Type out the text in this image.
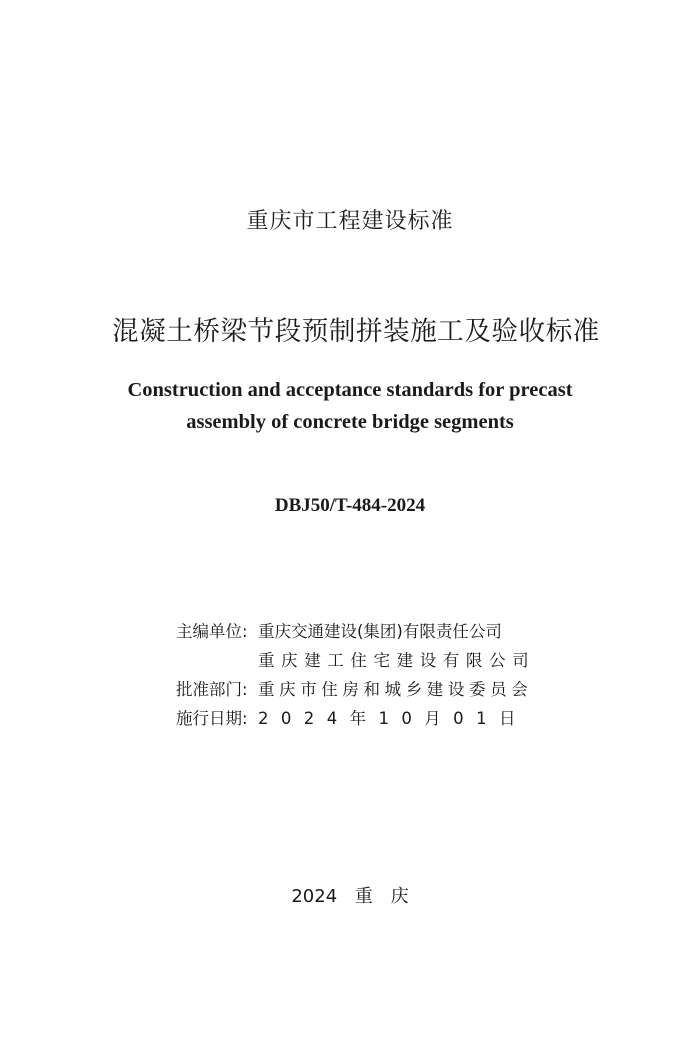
重庆市工程建设标准
混凝土桥梁节段预制拼装施工及验收标准
Construction and acceptance standards for precast
assembly of concrete bridge segments
DBJ50/T-484-2024
主编单位: 重庆交通建设(集团)有限责任公司
重庆建工住宅建设有限公司
批准部门: 重庆市住房和城乡建设委员会
施行日期: 2024年10月01日
2024 重 庆
